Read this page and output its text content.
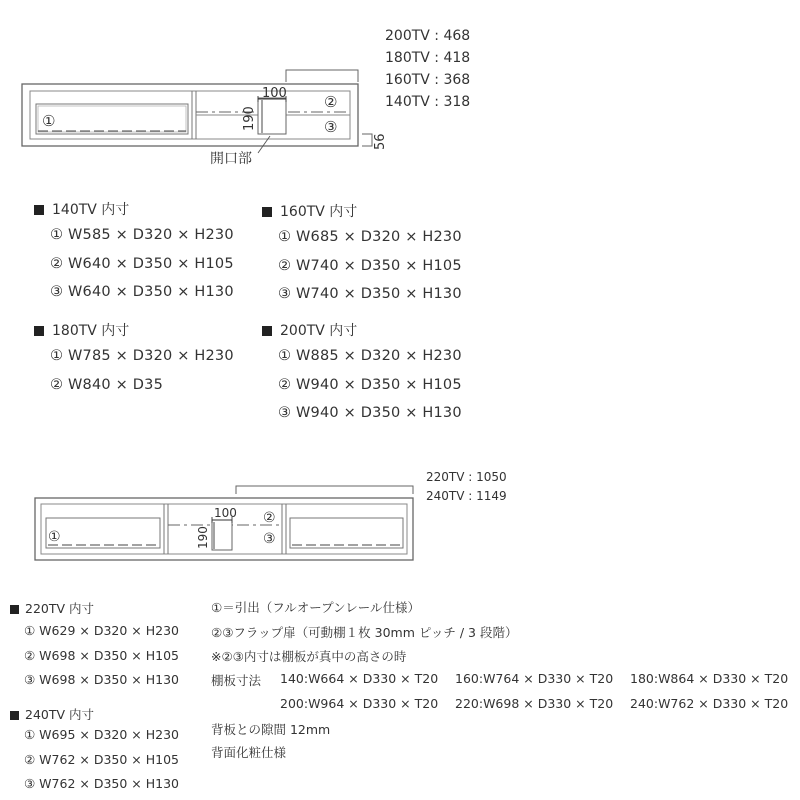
100
190
56
①
②
③
開口部
200TV : 468
180TV : 418
160TV : 368
140TV : 318
140TV 内寸
① W585 × D320 × H230
② W640 × D350 × H105
③ W640 × D350 × H130
160TV 内寸
① W685 × D320 × H230
② W740 × D350 × H105
③ W740 × D350 × H130
180TV 内寸
① W785 × D320 × H230
② W840 × D35
200TV 内寸
① W885 × D320 × H230
② W940 × D350 × H105
③ W940 × D350 × H130
100
190
①
②
③
220TV : 1050
240TV : 1149
220TV 内寸
① W629 × D320 × H230
② W698 × D350 × H105
③ W698 × D350 × H130
240TV 内寸
① W695 × D320 × H230
② W762 × D350 × H105
③ W762 × D350 × H130
①＝引出（フルオープンレール仕様）
②③フラップ扉（可動棚１枚 30mm ピッチ / 3 段階）
※②③内寸は棚板が真中の高さの時
棚板寸法 140:W664 × D330 × T20 160:W764 × D330 × T20 180:W864 × D330 × T20
200:W964 × D330 × T20 220:W698 × D330 × T20 240:W762 × D330 × T20
背板との隙間 12mm
背面化粧仕様
